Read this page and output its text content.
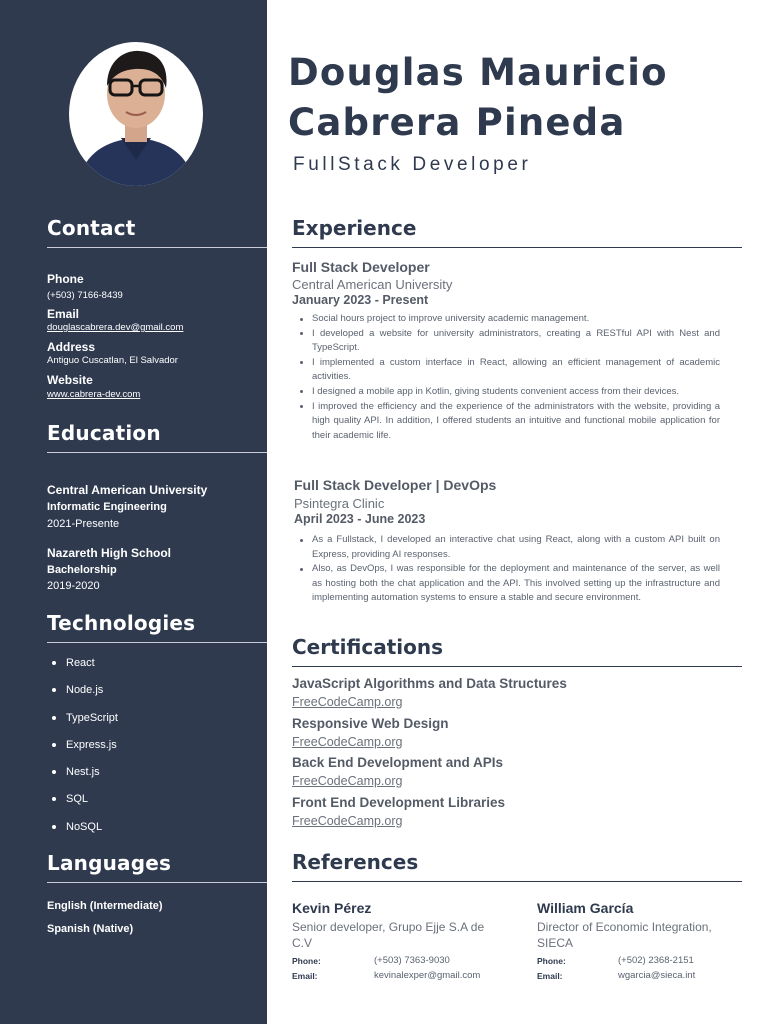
Contact
Phone
(+503) 7166-8439
Email
douglascabrera.dev@gmail.com
Address
Antiguo Cuscatlan, El Salvador
Website
www.cabrera-dev.com
Education
Central American University
Informatic Engineering
2021-Presente
Nazareth High School
Bachelorship
2019-2020
Technologies
React
Node.js
TypeScript
Express.js
Nest.js
SQL
NoSQL
Languages
English (Intermediate)
Spanish (Native)
Douglas Mauricio
Cabrera Pineda
FullStack Developer
Experience
Full Stack Developer
Central American University
January 2023 - Present
Social hours project to improve university academic management.
I developed a website for university administrators, creating a RESTful API with Nest and TypeScript.
I implemented a custom interface in React, allowing an efficient management of academic activities.
I designed a mobile app in Kotlin, giving students convenient access from their devices.
I improved the efficiency and the experience of the administrators with the website, providing a high quality API. In addition, I offered students an intuitive and functional mobile application for their academic life.
Full Stack Developer | DevOps
Psintegra Clinic
April 2023 - June 2023
As a Fullstack, I developed an interactive chat using React, along with a custom API built on Express, providing AI responses.
Also, as DevOps, I was responsible for the deployment and maintenance of the server, as well as hosting both the chat application and the API. This involved setting up the infrastructure and implementing automation systems to ensure a stable and secure environment.
Certifications
JavaScript Algorithms and Data Structures
FreeCodeCamp.org
Responsive Web Design
FreeCodeCamp.org
Back End Development and APIs
FreeCodeCamp.org
Front End Development Libraries
FreeCodeCamp.org
References
Kevin Pérez
Senior developer, Grupo Ejje S.A de C.V
Phone:	(+503) 7363-9030
Email:	kevinalexper@gmail.com
William García
Director of Economic Integration, SIECA
Phone:	(+502) 2368-2151
Email:	wgarcia@sieca.int
